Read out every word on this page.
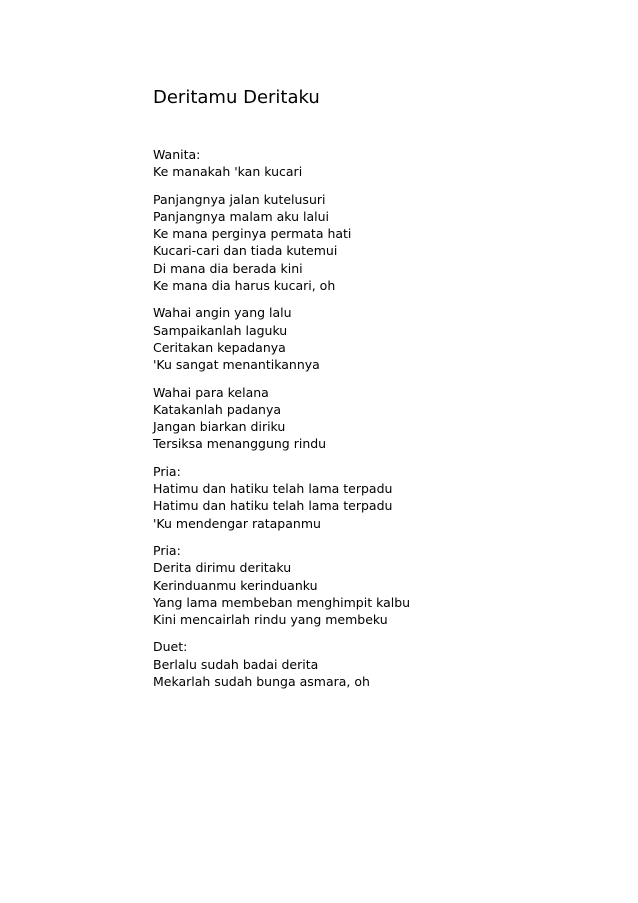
Deritamu Deritaku
Wanita:
Ke manakah 'kan kucari
Panjangnya jalan kutelusuri
Panjangnya malam aku lalui
Ke mana perginya permata hati
Kucari-cari dan tiada kutemui
Di mana dia berada kini
Ke mana dia harus kucari, oh
Wahai angin yang lalu
Sampaikanlah laguku
Ceritakan kepadanya
'Ku sangat menantikannya
Wahai para kelana
Katakanlah padanya
Jangan biarkan diriku
Tersiksa menanggung rindu
Pria:
Hatimu dan hatiku telah lama terpadu
Hatimu dan hatiku telah lama terpadu
'Ku mendengar ratapanmu
Pria:
Derita dirimu deritaku
Kerinduanmu kerinduanku
Yang lama membeban menghimpit kalbu
Kini mencairlah rindu yang membeku
Duet:
Berlalu sudah badai derita
Mekarlah sudah bunga asmara, oh
